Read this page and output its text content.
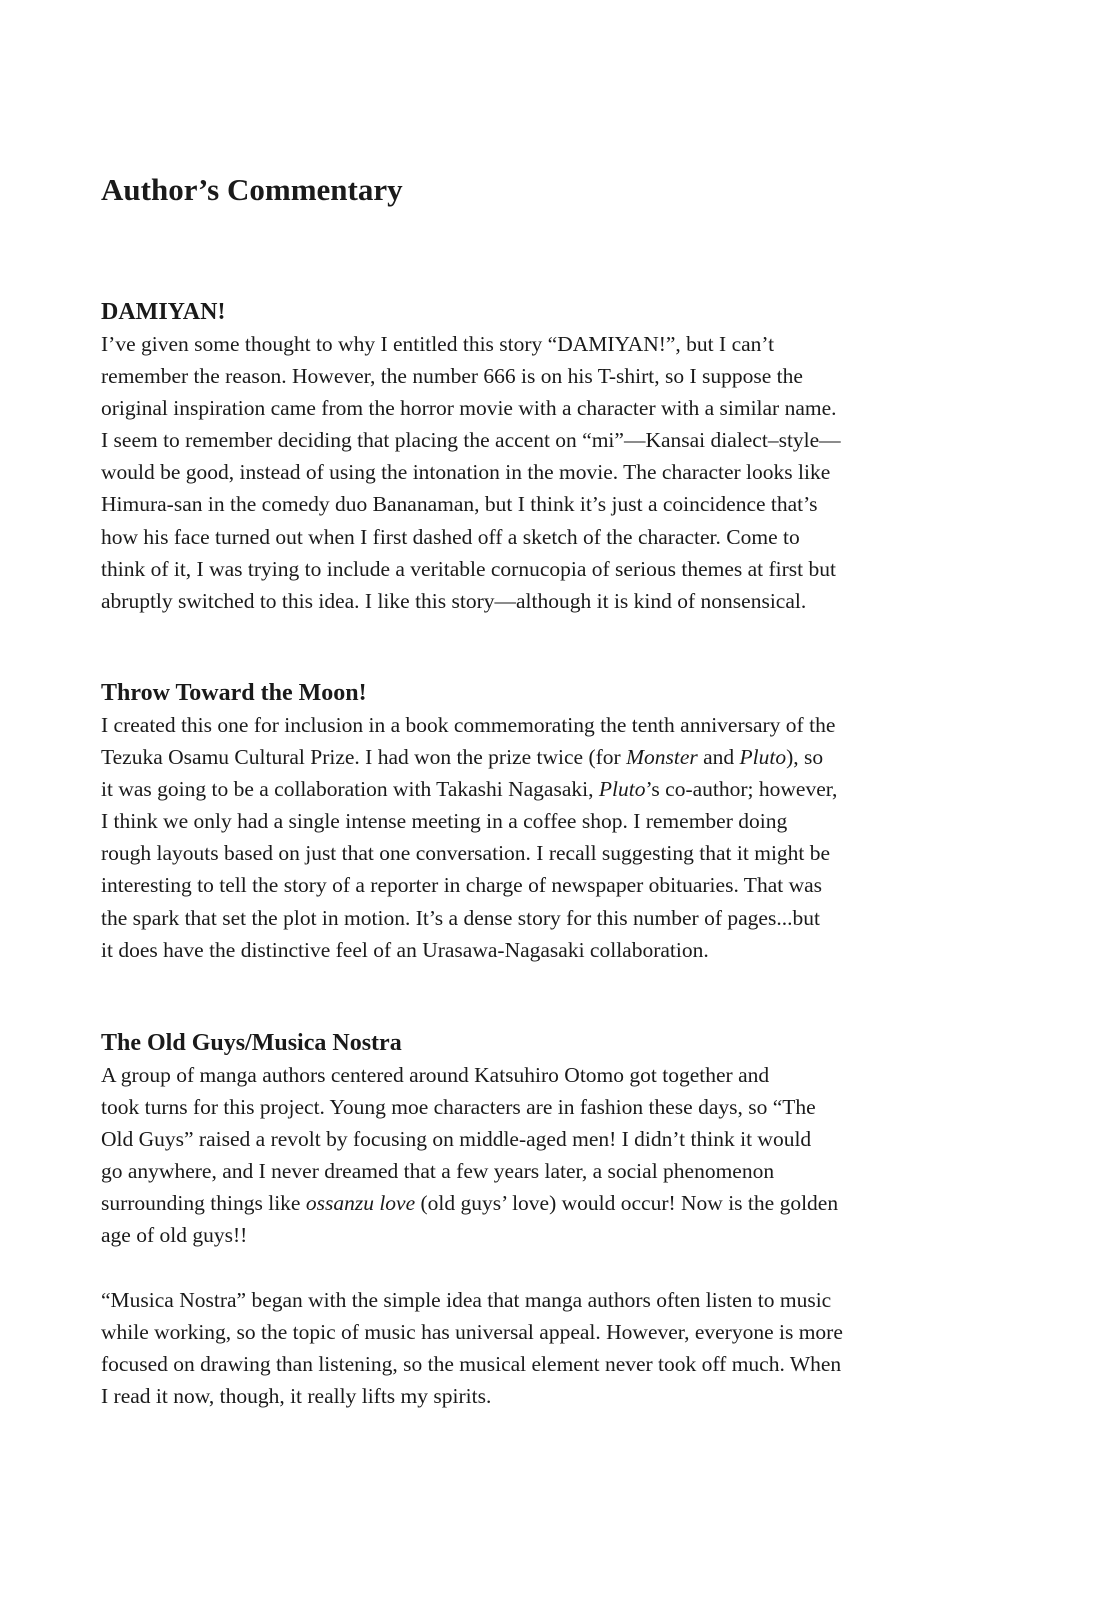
Author’s Commentary
DAMIYAN!

I’ve given some thought to why I entitled this story “DAMIYAN!”, but I can’t
remember the reason. However, the number 666 is on his T-shirt, so I suppose the
original inspiration came from the horror movie with a character with a similar name.
I seem to remember deciding that placing the accent on “mi”—Kansai dialect–style—
would be good, instead of using the intonation in the movie. The character looks like
Himura-san in the comedy duo Bananaman, but I think it’s just a coincidence that’s
how his face turned out when I first dashed off a sketch of the character. Come to
think of it, I was trying to include a veritable cornucopia of serious themes at first but
abruptly switched to this idea. I like this story—although it is kind of nonsensical.

Throw Toward the Moon!

I created this one for inclusion in a book commemorating the tenth anniversary of the
Tezuka Osamu Cultural Prize. I had won the prize twice (for Monster and Pluto), so
it was going to be a collaboration with Takashi Nagasaki, Pluto’s co-author; however,
I think we only had a single intense meeting in a coffee shop. I remember doing
rough layouts based on just that one conversation. I recall suggesting that it might be
interesting to tell the story of a reporter in charge of newspaper obituaries. That was
the spark that set the plot in motion. It’s a dense story for this number of pages...but
it does have the distinctive feel of an Urasawa-Nagasaki collaboration.

The Old Guys/Musica Nostra

A group of manga authors centered around Katsuhiro Otomo got together and
took turns for this project. Young moe characters are in fashion these days, so “The
Old Guys” raised a revolt by focusing on middle-aged men! I didn’t think it would
go anywhere, and I never dreamed that a few years later, a social phenomenon
surrounding things like ossanzu love (old guys’ love) would occur! Now is the golden
age of old guys!!

“Musica Nostra” began with the simple idea that manga authors often listen to music
while working, so the topic of music has universal appeal. However, everyone is more
focused on drawing than listening, so the musical element never took off much. When
I read it now, though, it really lifts my spirits.
